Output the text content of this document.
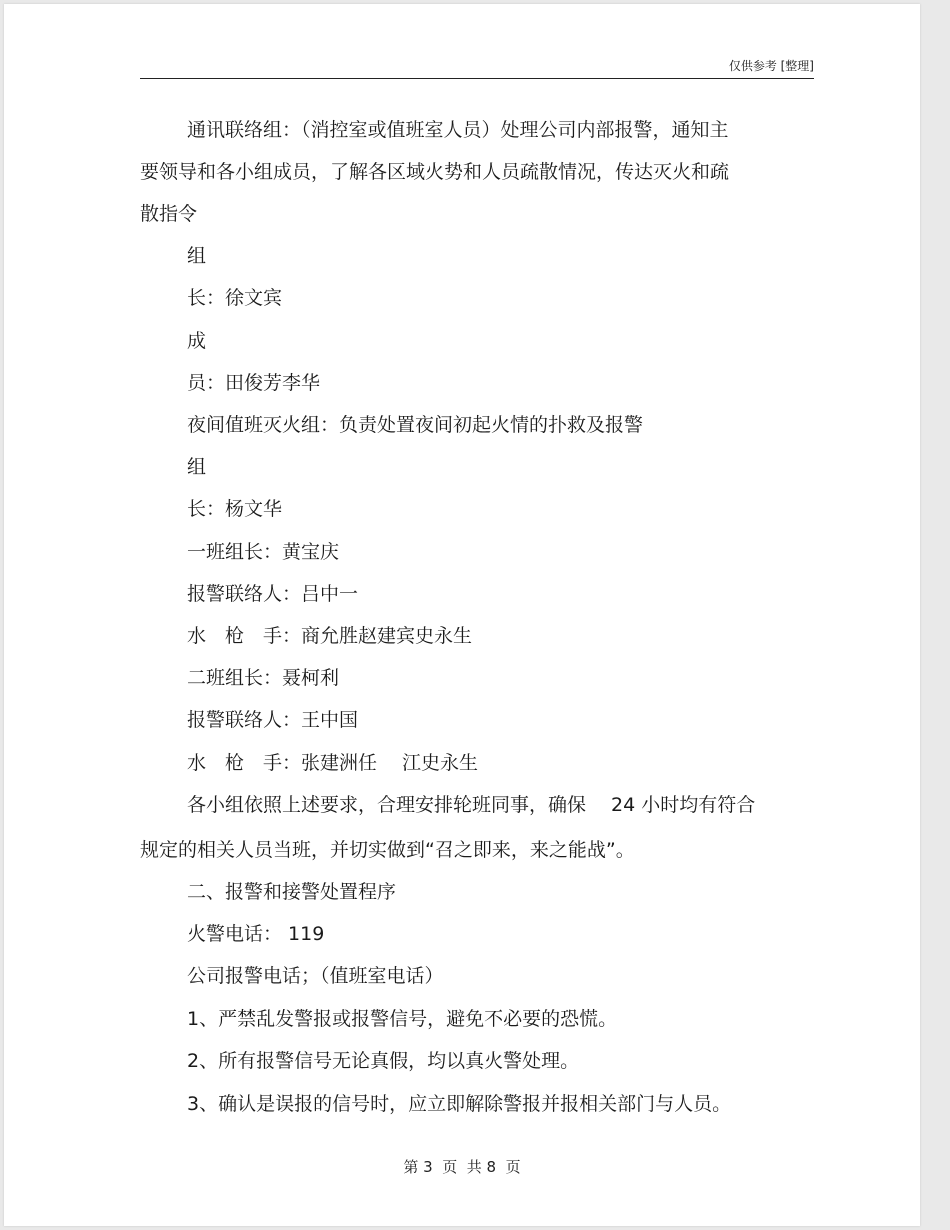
仅供参考 [整理]
通讯联络组：（消控室或值班室人员）处理公司内部报警，通知主
要领导和各小组成员，了解各区域火势和人员疏散情况，传达灭火和疏
散指令
组
长：徐文宾
成
员：田俊芳李华
夜间值班灭火组：负责处置夜间初起火情的扑救及报警
组
长：杨文华
一班组长：黄宝庆
报警联络人：吕中一
水　枪　手：商允胜赵建宾史永生
二班组长：聂柯利
报警联络人：王中国
水　枪　手：张建洲任　 江史永生
各小组依照上述要求，合理安排轮班同事，确保　 24 小时均有符合
规定的相关人员当班，并切实做到“召之即来，来之能战”。
二、报警和接警处置程序
火警电话： 119
公司报警电话；（值班室电话）
1、严禁乱发警报或报警信号，避免不必要的恐慌。
2、所有报警信号无论真假，均以真火警处理。
3、确认是误报的信号时，应立即解除警报并报相关部门与人员。
第 3  页  共 8  页
